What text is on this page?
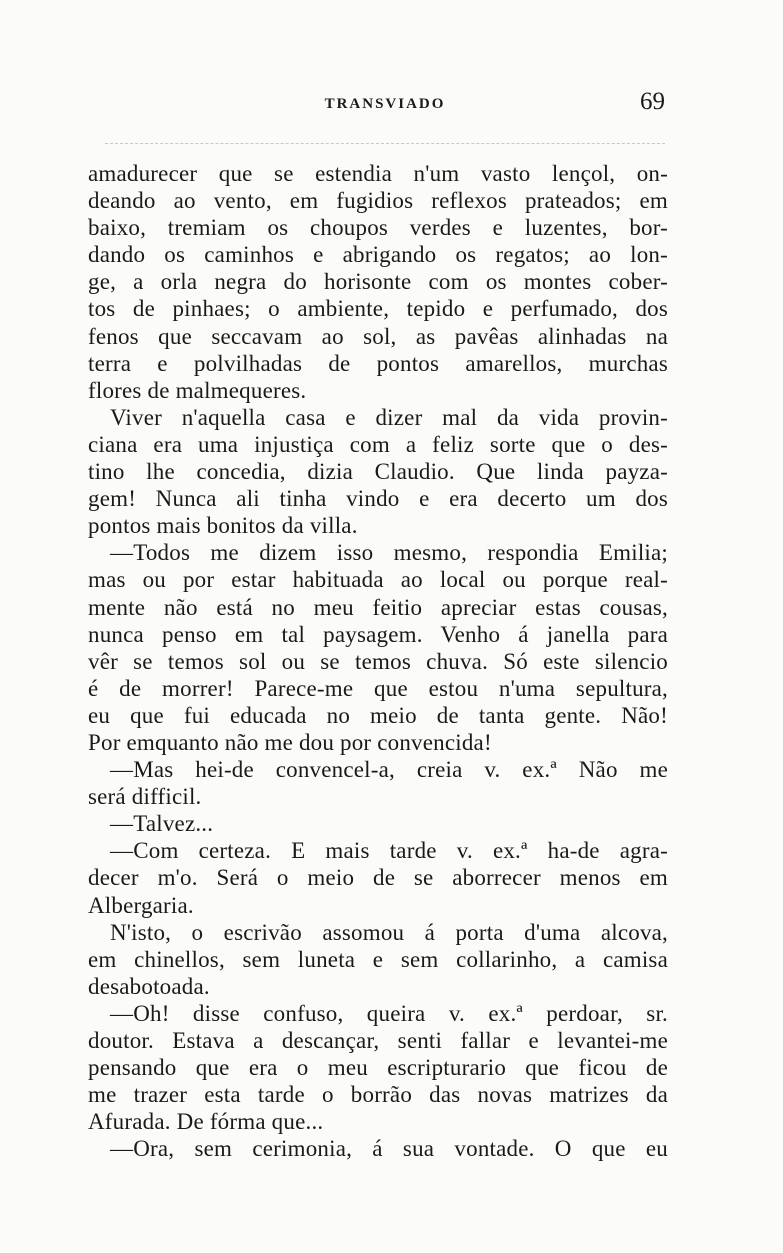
TRANSVIADO	69
amadurecer que se estendia n'um vasto lençol, on-
deando ao vento, em fugidios reflexos prateados; em
baixo, tremiam os choupos verdes e luzentes, bor-
dando os caminhos e abrigando os regatos; ao lon-
ge, a orla negra do horisonte com os montes cober-
tos de pinhaes; o ambiente, tepido e perfumado, dos
fenos que seccavam ao sol, as pavêas alinhadas na
terra e polvilhadas de pontos amarellos, murchas
flores de malmequeres.
Viver n'aquella casa e dizer mal da vida provin-
ciana era uma injustiça com a feliz sorte que o des-
tino lhe concedia, dizia Claudio. Que linda payza-
gem! Nunca ali tinha vindo e era decerto um dos
pontos mais bonitos da villa.
—Todos me dizem isso mesmo, respondia Emilia;
mas ou por estar habituada ao local ou porque real-
mente não está no meu feitio apreciar estas cousas,
nunca penso em tal paysagem. Venho á janella para
vêr se temos sol ou se temos chuva. Só este silencio
é de morrer! Parece-me que estou n'uma sepultura,
eu que fui educada no meio de tanta gente. Não!
Por emquanto não me dou por convencida!
—Mas hei-de convencel-a, creia v. ex.ª Não me
será difficil.
—Talvez...
—Com certeza. E mais tarde v. ex.ª ha-de agra-
decer m'o. Será o meio de se aborrecer menos em
Albergaria.
N'isto, o escrivão assomou á porta d'uma alcova,
em chinellos, sem luneta e sem collarinho, a camisa
desabotoada.
—Oh! disse confuso, queira v. ex.ª perdoar, sr.
doutor. Estava a descançar, senti fallar e levantei-me
pensando que era o meu escripturario que ficou de
me trazer esta tarde o borrão das novas matrizes da
Afurada. De fórma que...
—Ora, sem cerimonia, á sua vontade. O que eu
